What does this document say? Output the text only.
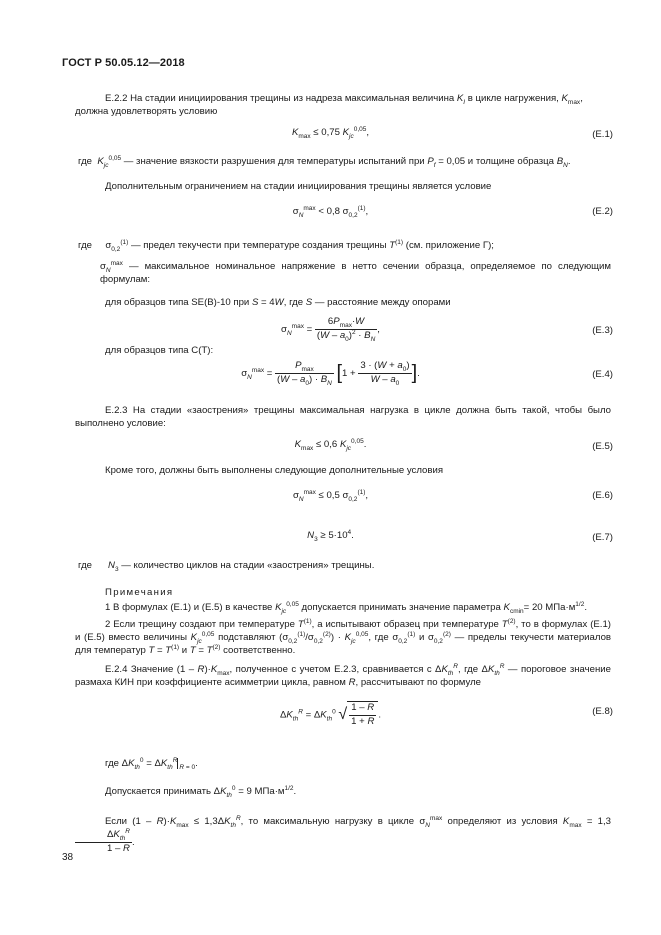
ГОСТ Р 50.05.12—2018
Е.2.2 На стадии инициирования трещины из надреза максимальная величина $K_I$ в цикле нагружения, $K_{max}$,
должна удовлетворять условию
$K_{max} \le 0,75$ $K_{jc}^{0,05}$,	(Е.1)
где $K_{jc}^{0,05}$ — значение вязкости разрушения для температуры испытаний при $P_f = 0,05$ и толщине образца $B_N$.
Дополнительным ограничением на стадии инициирования трещины является условие
$\sigma_N^{max} < 0,8$ $\sigma_{0,2}^{(1)}$,	(Е.2)
где     $\sigma_{0,2}^{(1)}$ — предел текучести при температуре создания трещины $T^{(1)}$ (см. приложение Г);
$\sigma_N^{max}$ — максимальное номинальное напряжение в нетто сечении образца, определяемое по следующим формулам:
для образцов типа SE(B)-10 при S = 4W, где S — расстояние между опорами
$\sigma_N^{max} = \frac{6P_{max}\cdot W}{(W - a_0)^2 \cdot B_N}$ ,	(Е.3)
для образцов типа C(T):
$\sigma_N^{max} = \frac{P_{max}}{(W - a_0) \cdot B_N} [1 + \frac{3 \cdot (W + a_0)}{W - a_0}$ ].	(Е.4)
Е.2.3 На стадии «заострения» трещины максимальная нагрузка в цикле должна быть такой, чтобы было выполнено условие:
$K_{max} \le 0,6$ $K_{jc}^{0,05}$.	(Е.5)
Кроме того, должны быть выполнены следующие дополнительные условия
$\sigma_N^{max} \le 0,5$ $\sigma_{0,2}^{(1)}$,	(Е.6)
$N_3 \ge 5\cdot 10^4$.	(Е.7)
где $N_3$ — количество циклов на стадии «заострения» трещины.
Примечания
1 В формулах (Е.1) и (Е.5) в качестве $K_{jc}^{0,05}$ допускается принимать значение параметра $K_{cmin}= 20$ $МПа\cdot м^{1/2}$.
2 Если трещину создают при температуре $T^{(1)}$, а испытывают образец при температуре $T^{(2)}$, то в формулах (Е.1) и (Е.5) вместо величины $K_{jc}^{0,05}$ подставляют $(\sigma_{0,2}^{(1)}/\sigma_{0,2}^{(2)}) \cdot K_{jc}^{0,05}$, где $\sigma_{0,2}^{(1)}$ и $\sigma_{0,2}^{(2)}$ — пределы текучести материалов для температур $T = T^{(1)}$ и $T = T^{(2)}$ соответственно.
Е.2.4 Значение $(1 - R)\cdot K_{max}$, полученное с учетом Е.2.3, сравнивается с $\Delta K_{th}^R$, где $\Delta K_{th}^R$ — пороговое значение размаха КИН при коэффициенте асимметрии цикла, равном R, рассчитывают по формуле
$\Delta K_{th}^R = \Delta K_{th}^0$ √ $\frac{1 - R}{1 + R}$ .	(Е.8)
где $\Delta K_{th}^0 = \Delta K_{th}^R_R$ $_{= 0}$.
Допускается принимать $\Delta K_{th}^0 = 9$ $МПа\cdot м^{1/2}$.
Если $(1 - R)\cdot K_{max} \le 1,3\Delta K_{th}^R$, то максимальную нагрузку в цикле $\sigma_N^{max}$ определяют из условия $K_{max} = 1,3$
$\frac{\Delta K_{th}^R}{1 - R}$ .
38
